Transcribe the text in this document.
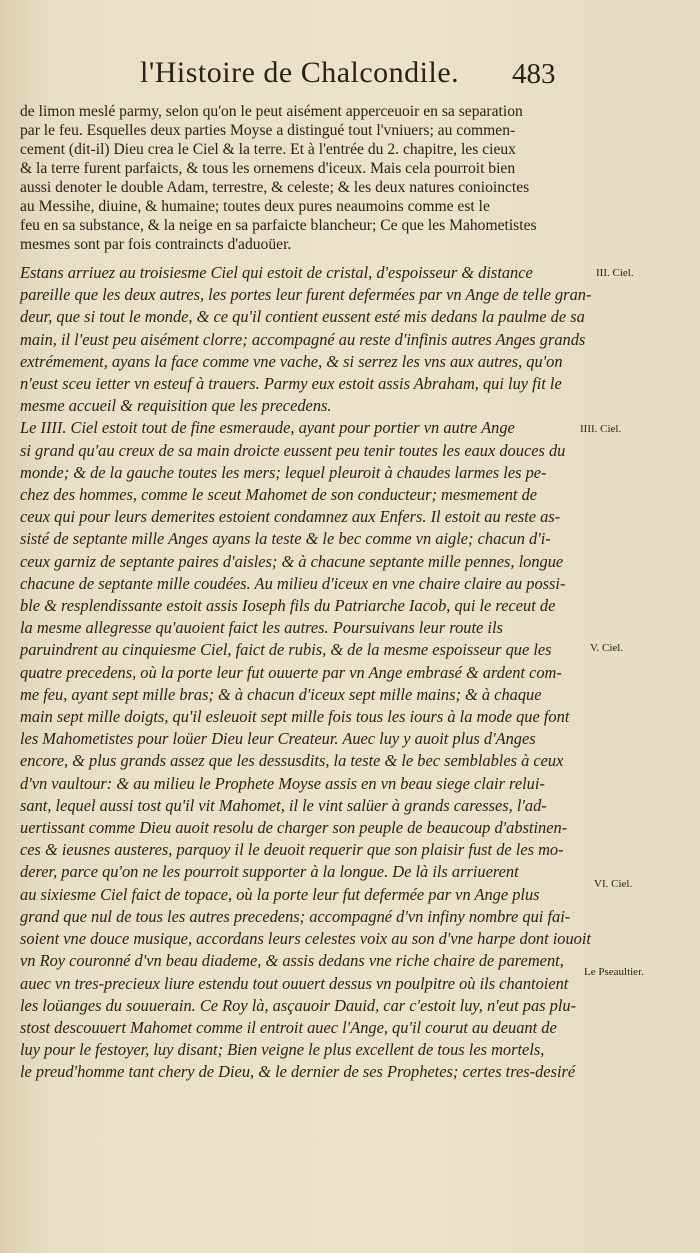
l'Histoire de Chalcondile. 483
de limon meslé parmy, selon qu'on le peut aisément apperceuoir en sa separation
par le feu. Esquelles deux parties Moyse a distingué tout l'vniuers; au commen-
cement (dit-il) Dieu crea le Ciel & la terre. Et à l'entrée du 2. chapitre, les cieux
& la terre furent parfaicts, & tous les ornemens d'iceux. Mais cela pourroit bien
aussi denoter le double Adam, terrestre, & celeste; & les deux natures conioinctes
au Messihe, diuine, & humaine; toutes deux pures neaumoins comme est le
feu en sa substance, & la neige en sa parfaicte blancheur; Ce que les Mahometistes
mesmes sont par fois contraincts d'aduoüer.
Estans arriuez au troisiesme Ciel qui estoit de cristal, d'espoisseur & distance
pareille que les deux autres, les portes leur furent defermées par vn Ange de telle gran-
deur, que si tout le monde, & ce qu'il contient eussent esté mis dedans la paulme de sa
main, il l'eust peu aisément clorre; accompagné au reste d'infinis autres Anges grands
extrémement, ayans la face comme vne vache, & si serrez les vns aux autres, qu'on
n'eust sceu ietter vn esteuf à trauers. Parmy eux estoit assis Abraham, qui luy fit le
mesme accueil & requisition que les precedens.
Le IIII. Ciel estoit tout de fine esmeraude, ayant pour portier vn autre Ange
si grand qu'au creux de sa main droicte eussent peu tenir toutes les eaux douces du
monde; & de la gauche toutes les mers; lequel pleuroit à chaudes larmes les pe-
chez des hommes, comme le sceut Mahomet de son conducteur; mesmement de
ceux qui pour leurs demerites estoient condamnez aux Enfers. Il estoit au reste as-
sisté de septante mille Anges ayans la teste & le bec comme vn aigle; chacun d'i-
ceux garniz de septante paires d'aisles; & à chacune septante mille pennes, longue
chacune de septante mille coudées. Au milieu d'iceux en vne chaire claire au possi-
ble & resplendissante estoit assis Ioseph fils du Patriarche Iacob, qui le receut de
la mesme allegresse qu'auoient faict les autres. Poursuivans leur route ils
paruindrent au cinquiesme Ciel, faict de rubis, & de la mesme espoisseur que les
quatre precedens, où la porte leur fut ouuerte par vn Ange embrasé & ardent com-
me feu, ayant sept mille bras; & à chacun d'iceux sept mille mains; & à chaque
main sept mille doigts, qu'il esleuoit sept mille fois tous les iours à la mode que font
les Mahometistes pour loüer Dieu leur Createur. Auec luy y auoit plus d'Anges
encore, & plus grands assez que les dessusdits, la teste & le bec semblables à ceux
d'vn vaultour: & au milieu le Prophete Moyse assis en vn beau siege clair relui-
sant, lequel aussi tost qu'il vit Mahomet, il le vint salüer à grands caresses, l'ad-
uertissant comme Dieu auoit resolu de charger son peuple de beaucoup d'abstinen-
ces & ieusnes austeres, parquoy il le deuoit requerir que son plaisir fust de les mo-
derer, parce qu'on ne les pourroit supporter à la longue. De là ils arriuerent
au sixiesme Ciel faict de topace, où la porte leur fut defermée par vn Ange plus
grand que nul de tous les autres precedens; accompagné d'vn infiny nombre qui fai-
soient vne douce musique, accordans leurs celestes voix au son d'vne harpe dont iouoit
vn Roy couronné d'vn beau diademe, & assis dedans vne riche chaire de parement,
auec vn tres-precieux liure estendu tout ouuert dessus vn poulpitre où ils chantoient
les loüanges du souuerain. Ce Roy là, asçauoir Dauid, car c'estoit luy, n'eut pas plu-
stost descouuert Mahomet comme il entroit auec l'Ange, qu'il courut au deuant de
luy pour le festoyer, luy disant; Bien veigne le plus excellent de tous les mortels,
le preud'homme tant chery de Dieu, & le dernier de ses Prophetes; certes tres-desiré
III. Ciel.
IIII. Ciel.
V. Ciel.
VI. Ciel.
Le Pseaultier.
